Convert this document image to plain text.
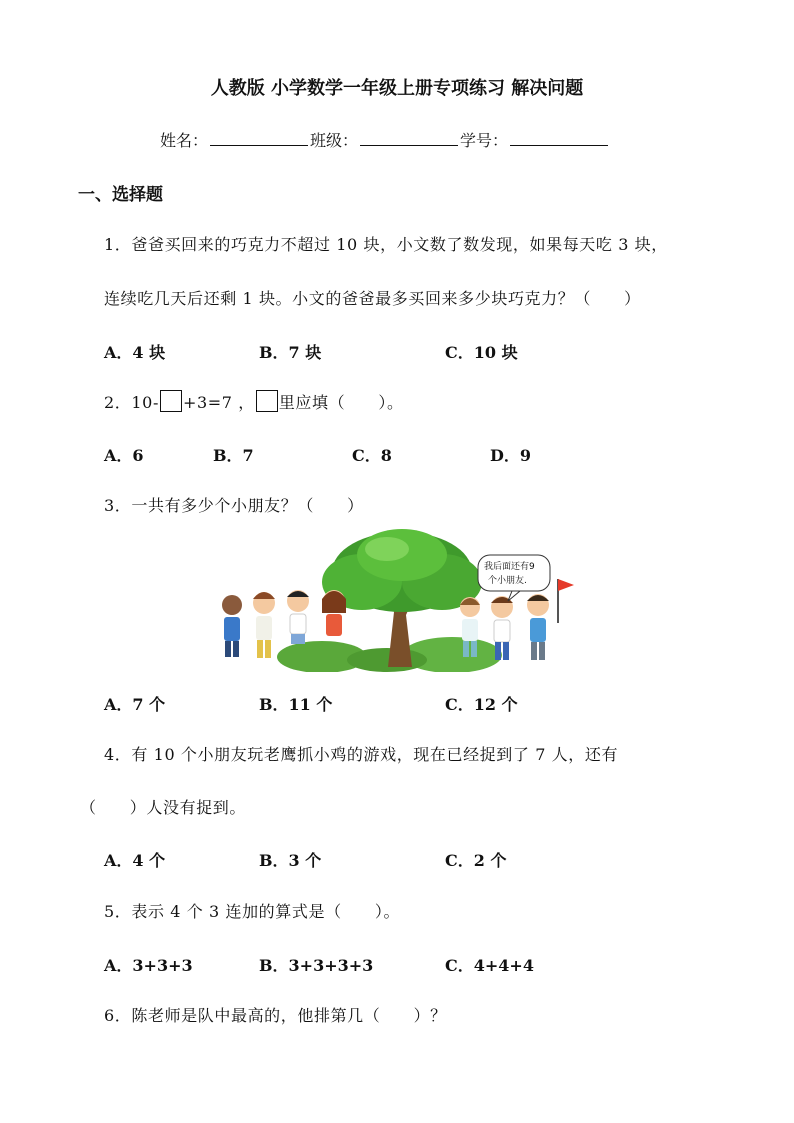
人教版 小学数学一年级上册专项练习 解决问题
姓名：	班级：	学号：
一、选择题
1．爸爸买回来的巧克力不超过 10 块，小文数了数发现，如果每天吃 3 块，
连续吃几天后还剩 1 块。小文的爸爸最多买回来多少块巧克力？（　　）
A．4 块	B．7 块	C．10 块
2．10- +3=7 ， 里应填（　　）。
A．6	B．7	C．8	D．9
3．一共有多少个小朋友？（　　）
我后面还有9
个小朋友.
A．7 个	B．11 个	C．12 个
4．有 10 个小朋友玩老鹰抓小鸡的游戏，现在已经捉到了 7 人，还有
（　　）人没有捉到。
A．4 个	B．3 个	C．2 个
5．表示 4 个 3 连加的算式是（　　）。
A．3+3+3	B．3+3+3+3	C．4+4+4
6．陈老师是队中最高的，他排第几（　　）？
